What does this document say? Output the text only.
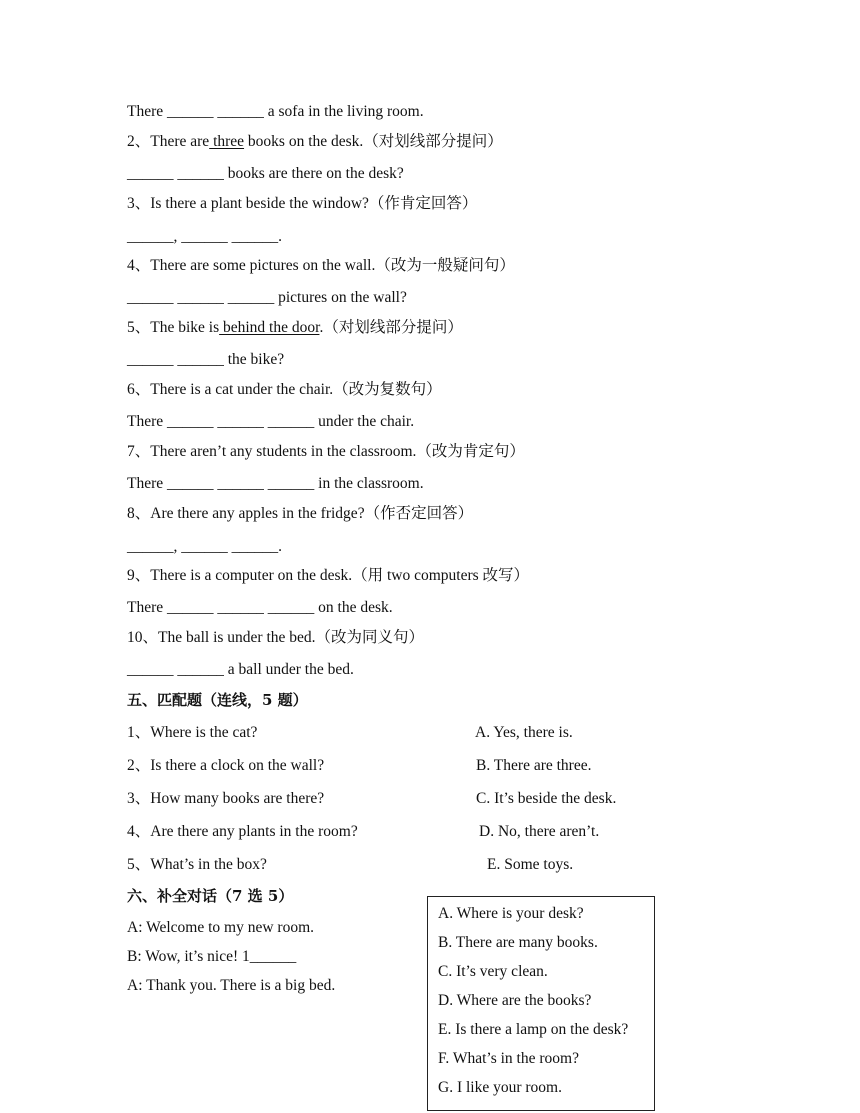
There ______ ______ a sofa in the living room.
2、There are three books on the desk.（对划线部分提问）
______ ______ books are there on the desk?
3、Is there a plant beside the window?（作肯定回答）
______, ______ ______.
4、There are some pictures on the wall.（改为一般疑问句）
______ ______ ______ pictures on the wall?
5、The bike is behind the door.（对划线部分提问）
______ ______ the bike?
6、There is a cat under the chair.（改为复数句）
There ______ ______ ______ under the chair.
7、There aren’t any students in the classroom.（改为肯定句）
There ______ ______ ______ in the classroom.
8、Are there any apples in the fridge?（作否定回答）
______, ______ ______.
9、There is a computer on the desk.（用 two computers 改写）
There ______ ______ ______ on the desk.
10、The ball is under the bed.（改为同义句）
______ ______ a ball under the bed.
五、匹配题（连线，5 题）
1、Where is the cat?
2、Is there a clock on the wall?
3、How many books are there?
4、Are there any plants in the room?
5、What’s in the box?
A. Yes, there is.
B. There are three.
C. It’s beside the desk.
D. No, there aren’t.
E. Some toys.
六、补全对话（7 选 5）
A: Welcome to my new room.
B: Wow, it’s nice! 1______
A: Thank you. There is a big bed.
A. Where is your desk?
B. There are many books.
C. It’s very clean.
D. Where are the books?
E. Is there a lamp on the desk?
F. What’s in the room?
G. I like your room.
